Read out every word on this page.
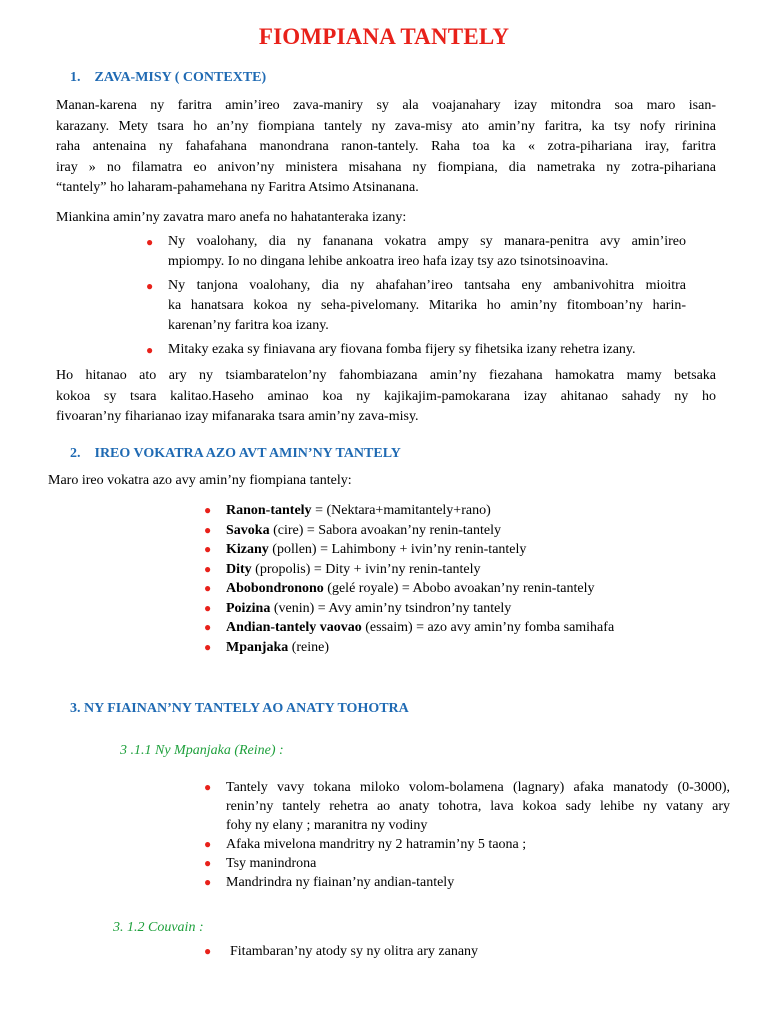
FIOMPIANA TANTELY
1. ZAVA-MISY ( CONTEXTE)
Manan-karena ny faritra amin’ireo zava-maniry sy ala voajanahary izay mitondra soa maro isan-
karazany. Mety tsara ho an’ny fiompiana tantely ny zava-misy ato amin’ny faritra, ka tsy nofy ririnina
raha antenaina ny fahafahana manondrana ranon-tantely. Raha toa ka « zotra-pihariana iray, faritra
iray » no filamatra eo anivon’ny ministera misahana ny fiompiana, dia nametraka ny zotra-pihariana
“tantely” ho laharam-pahamehana ny Faritra Atsimo Atsinanana.
Miankina amin’ny zavatra maro anefa no hahatanteraka izany:
● Ny voalohany, dia ny fananana vokatra ampy sy manara-penitra avy amin’ireo
mpiompy. Io no dingana lehibe ankoatra ireo hafa izay tsy azo tsinotsinoavina.
● Ny tanjona voalohany, dia ny ahafahan’ireo tantsaha eny ambanivohitra mioitra
ka hanatsara kokoa ny seha-pivelomany. Mitarika ho amin’ny fitomboan’ny harin-
karenan’ny faritra koa izany.
● Mitaky ezaka sy finiavana ary fiovana fomba fijery sy fihetsika izany rehetra izany.
Ho hitanao ato ary ny tsiambaratelon’ny fahombiazana amin’ny fiezahana hamokatra mamy betsaka
kokoa sy tsara kalitao.Haseho aminao koa ny kajikajim-pamokarana izay ahitanao sahady ny ho
fivoaran’ny fiharianao izay mifanaraka tsara amin’ny zava-misy.
2. IREO VOKATRA AZO AVT AMIN’NY TANTELY
Maro ireo vokatra azo avy amin’ny fiompiana tantely:
● Ranon-tantely = (Nektara+mamitantely+rano)
● Savoka (cire) = Sabora avoakan’ny renin-tantely
● Kizany (pollen) = Lahimbony + ivin’ny renin-tantely
● Dity (propolis) = Dity + ivin’ny renin-tantely
● Abobondronono (gelé royale) = Abobo avoakan’ny renin-tantely
● Poizina (venin) = Avy amin’ny tsindron’ny tantely
● Andian-tantely vaovao (essaim) = azo avy amin’ny fomba samihafa
● Mpanjaka (reine)
3. NY FIAINAN’NY TANTELY AO ANATY TOHOTRA
3 .1.1 Ny Mpanjaka (Reine) :
● Tantely vavy tokana miloko volom-bolamena (lagnary) afaka manatody (0-3000),
renin’ny tantely rehetra ao anaty tohotra, lava kokoa sady lehibe ny vatany ary
fohy ny elany ; maranitra ny vodiny
● Afaka mivelona mandritry ny 2 hatramin’ny 5 taona ;
● Tsy manindrona
● Mandrindra ny fiainan’ny andian-tantely
3. 1.2 Couvain :
● Fitambaran’ny atody sy ny olitra ary zanany
